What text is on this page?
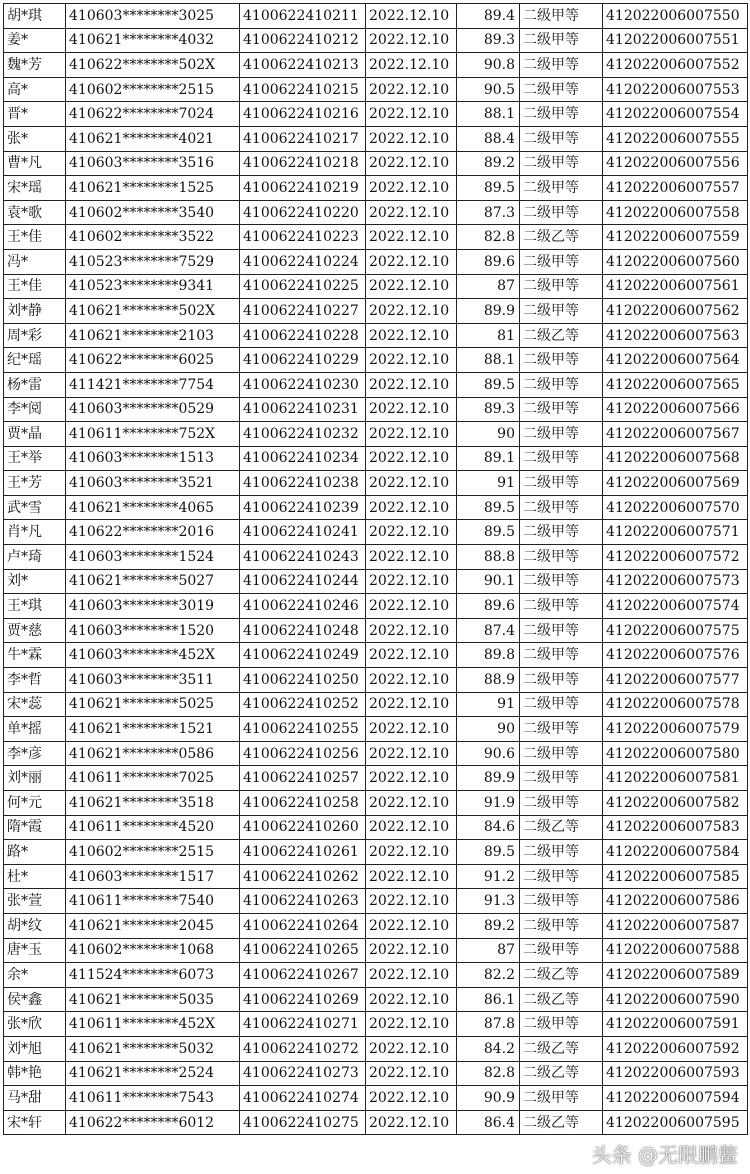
胡*琪	410603********3025	4100622410211	2022.12.10	89.4	二级甲等	412022006007550
姜*	410621********4032	4100622410212	2022.12.10	89.3	二级甲等	412022006007551
魏*芳	410622********502X	4100622410213	2022.12.10	90.8	二级甲等	412022006007552
高*	410602********2515	4100622410215	2022.12.10	90.5	二级甲等	412022006007553
晋*	410622********7024	4100622410216	2022.12.10	88.1	二级甲等	412022006007554
张*	410621********4021	4100622410217	2022.12.10	88.4	二级甲等	412022006007555
曹*凡	410603********3516	4100622410218	2022.12.10	89.2	二级甲等	412022006007556
宋*瑶	410621********1525	4100622410219	2022.12.10	89.5	二级甲等	412022006007557
袁*歌	410602********3540	4100622410220	2022.12.10	87.3	二级甲等	412022006007558
王*佳	410602********3522	4100622410223	2022.12.10	82.8	二级乙等	412022006007559
冯*	410523********7529	4100622410224	2022.12.10	89.6	二级甲等	412022006007560
王*佳	410523********9341	4100622410225	2022.12.10	87	二级甲等	412022006007561
刘*静	410621********502X	4100622410227	2022.12.10	89.9	二级甲等	412022006007562
周*彩	410621********2103	4100622410228	2022.12.10	81	二级乙等	412022006007563
纪*瑶	410622********6025	4100622410229	2022.12.10	88.1	二级甲等	412022006007564
杨*雷	411421********7754	4100622410230	2022.12.10	89.5	二级甲等	412022006007565
李*阅	410603********0529	4100622410231	2022.12.10	89.3	二级甲等	412022006007566
贾*晶	410611********752X	4100622410232	2022.12.10	90	二级甲等	412022006007567
王*举	410603********1513	4100622410234	2022.12.10	89.1	二级甲等	412022006007568
王*芳	410603********3521	4100622410238	2022.12.10	91	二级甲等	412022006007569
武*雪	410621********4065	4100622410239	2022.12.10	89.5	二级甲等	412022006007570
肖*凡	410622********2016	4100622410241	2022.12.10	89.5	二级甲等	412022006007571
卢*琦	410603********1524	4100622410243	2022.12.10	88.8	二级甲等	412022006007572
刘*	410621********5027	4100622410244	2022.12.10	90.1	二级甲等	412022006007573
王*琪	410603********3019	4100622410246	2022.12.10	89.6	二级甲等	412022006007574
贾*慈	410603********1520	4100622410248	2022.12.10	87.4	二级甲等	412022006007575
牛*霖	410603********452X	4100622410249	2022.12.10	89.8	二级甲等	412022006007576
李*哲	410603********3511	4100622410250	2022.12.10	88.9	二级甲等	412022006007577
宋*蕊	410621********5025	4100622410252	2022.12.10	91	二级甲等	412022006007578
单*摇	410621********1521	4100622410255	2022.12.10	90	二级甲等	412022006007579
李*彦	410621********0586	4100622410256	2022.12.10	90.6	二级甲等	412022006007580
刘*丽	410611********7025	4100622410257	2022.12.10	89.9	二级甲等	412022006007581
何*元	410621********3518	4100622410258	2022.12.10	91.9	二级甲等	412022006007582
隋*霞	410611********4520	4100622410260	2022.12.10	84.6	二级乙等	412022006007583
路*	410602********2515	4100622410261	2022.12.10	89.5	二级甲等	412022006007584
杜*	410603********1517	4100622410262	2022.12.10	91.2	二级甲等	412022006007585
张*萱	410611********7540	4100622410263	2022.12.10	91.3	二级甲等	412022006007586
胡*纹	410621********2045	4100622410264	2022.12.10	89.2	二级甲等	412022006007587
唐*玉	410602********1068	4100622410265	2022.12.10	87	二级甲等	412022006007588
余*	411524********6073	4100622410267	2022.12.10	82.2	二级乙等	412022006007589
侯*鑫	410621********5035	4100622410269	2022.12.10	86.1	二级乙等	412022006007590
张*欣	410611********452X	4100622410271	2022.12.10	87.8	二级甲等	412022006007591
刘*旭	410621********5032	4100622410272	2022.12.10	84.2	二级乙等	412022006007592
韩*艳	410621********2524	4100622410273	2022.12.10	82.8	二级乙等	412022006007593
马*甜	410611********7543	4100622410274	2022.12.10	90.9	二级甲等	412022006007594
宋*轩	410622********6012	4100622410275	2022.12.10	86.4	二级乙等	412022006007595
头条 @无限鹏鳖
